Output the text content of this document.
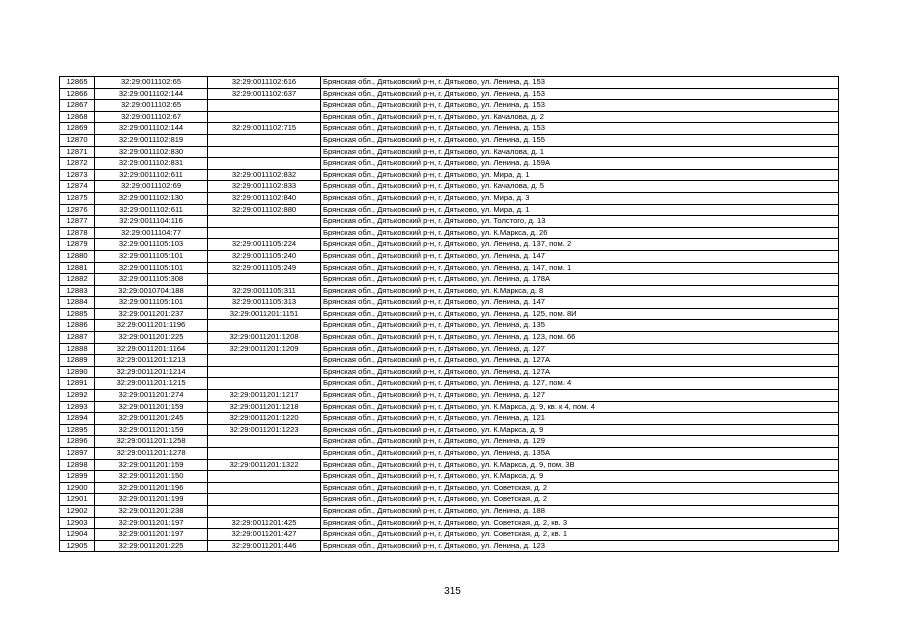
12865	32:29:0011102:65	32:29:0011102:616	Брянская обл., Дятьковский р-н, г. Дятьково, ул. Ленина, д. 153
12866	32:29:0011102:144	32:29:0011102:637	Брянская обл., Дятьковский р-н, г. Дятьково, ул. Ленина, д. 153
12867	32:29:0011102:65		Брянская обл., Дятьковский р-н, г. Дятьково, ул. Ленина, д. 153
12868	32:29:0011102:67		Брянская обл., Дятьковский р-н, г. Дятьково, ул. Качалова, д. 2
12869	32:29:0011102:144	32:29:0011102:715	Брянская обл., Дятьковский р-н, г. Дятьково, ул. Ленина, д. 153
12870	32:29:0011102:819		Брянская обл., Дятьковский р-н, г. Дятьково, ул. Ленина, д. 155
12871	32:29:0011102:830		Брянская обл., Дятьковский р-н, г. Дятьково, ул. Качалова, д. 1
12872	32:29:0011102:831		Брянская обл., Дятьковский р-н, г. Дятьково, ул. Ленина, д. 159А
12873	32:29:0011102:611	32:29:0011102:832	Брянская обл., Дятьковский р-н, г. Дятьково, ул. Мира, д. 1
12874	32:29:0011102:69	32:29:0011102:833	Брянская обл., Дятьковский р-н, г. Дятьково, ул. Качалова, д. 5
12875	32:29:0011102:130	32:29:0011102:840	Брянская обл., Дятьковский р-н, г. Дятьково, ул. Мира, д. 3
12876	32:29:0011102:611	32:29:0011102:880	Брянская обл., Дятьковский р-н, г. Дятьково, ул. Мира, д. 1
12877	32:29:0011104:116		Брянская обл., Дятьковский р-н, г. Дятьково, ул. Толстого, д. 13
12878	32:29:0011104:77		Брянская обл., Дятьковский р-н, г. Дятьково, ул. К.Маркса, д. 26
12879	32:29:0011105:103	32:29:0011105:224	Брянская обл., Дятьковский р-н, г. Дятьково, ул. Ленина, д. 137, пом. 2
12880	32:29:0011105:101	32:29:0011105:240	Брянская обл., Дятьковский р-н, г. Дятьково, ул. Ленина, д. 147
12881	32:29:0011105:101	32:29:0011105:249	Брянская обл., Дятьковский р-н, г. Дятьково, ул. Ленина, д. 147, пом. 1
12882	32:29:0011105:308		Брянская обл., Дятьковский р-н, г. Дятьково, ул. Ленина, д. 178А
12883	32:29:0010704:188	32:29:0011105:311	Брянская обл., Дятьковский р-н, г. Дятьково, ул. К.Маркса, д. 8
12884	32:29:0011105:101	32:29:0011105:313	Брянская обл., Дятьковский р-н, г. Дятьково, ул. Ленина, д. 147
12885	32:29:0011201:237	32:29:0011201:1151	Брянская обл., Дятьковский р-н, г. Дятьково, ул. Ленина, д. 125, пом. 8И
12886	32:29:0011201:1196		Брянская обл., Дятьковский р-н, г. Дятьково, ул. Ленина, д. 135
12887	32:29:0011201:225	32:29:0011201:1208	Брянская обл., Дятьковский р-н, г. Дятьково, ул. Ленина, д. 123, пом. 66
12888	32:29:0011201:1164	32:29:0011201:1209	Брянская обл., Дятьковский р-н, г. Дятьково, ул. Ленина, д. 127
12889	32:29:0011201:1213		Брянская обл., Дятьковский р-н, г. Дятьково, ул. Ленина, д. 127А
12890	32:29:0011201:1214		Брянская обл., Дятьковский р-н, г. Дятьково, ул. Ленина, д. 127А
12891	32:29:0011201:1215		Брянская обл., Дятьковский р-н, г. Дятьково, ул. Ленина, д. 127, пом. 4
12892	32:29:0011201:274	32:29:0011201:1217	Брянская обл., Дятьковский р-н, г. Дятьково, ул. Ленина, д. 127
12893	32:29:0011201:159	32:29:0011201:1218	Брянская обл., Дятьковский р-н, г. Дятьково, ул. К.Маркса, д. 9, кв. к 4, пом. 4
12894	32:29:0011201:245	32:29:0011201:1220	Брянская обл., Дятьковский р-н, г. Дятьково, ул. Ленина, д. 121
12895	32:29:0011201:159	32:29:0011201:1223	Брянская обл., Дятьковский р-н, г. Дятьково, ул. К.Маркса, д. 9
12896	32:29:0011201:1258		Брянская обл., Дятьковский р-н, г. Дятьково, ул. Ленина, д. 129
12897	32:29:0011201:1278		Брянская обл., Дятьковский р-н, г. Дятьково, ул. Ленина, д. 135А
12898	32:29:0011201:159	32:29:0011201:1322	Брянская обл., Дятьковский р-н, г. Дятьково, ул. К.Маркса, д. 9, пом. 3В
12899	32:29:0011201:150		Брянская обл., Дятьковский р-н, г. Дятьково, ул. К.Маркса, д. 9
12900	32:29:0011201:196		Брянская обл., Дятьковский р-н, г. Дятьково, ул. Советская, д. 2
12901	32:29:0011201:199		Брянская обл., Дятьковский р-н, г. Дятьково, ул. Советская, д. 2
12902	32:29:0011201:238		Брянская обл., Дятьковский р-н, г. Дятьково, ул. Ленина, д. 188
12903	32:29:0011201:197	32:29:0011201:425	Брянская обл., Дятьковский р-н, г. Дятьково, ул. Советская, д. 2, кв. 3
12904	32:29:0011201:197	32:29:0011201:427	Брянская обл., Дятьковский р-н, г. Дятьково, ул. Советская, д. 2, кв. 1
12905	32:29:0011201:225	32:29:0011201:446	Брянская обл., Дятьковский р-н, г. Дятьково, ул. Ленина, д. 123
315
